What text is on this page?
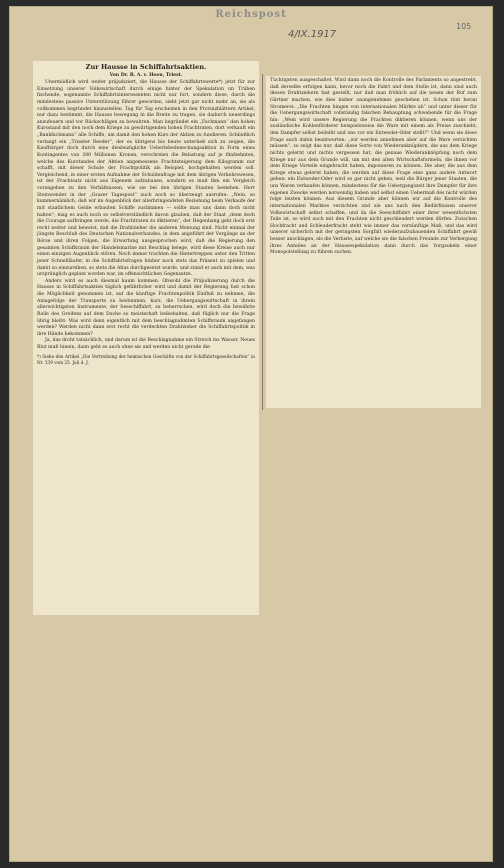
Reichspost
4/IX.1917
105
Zur Hausse in Schiffahrtsaktien.
Von Dr. R. A. v. Hoen, Triest.

Unermüdlich wird weiter präjudiziert, die Hausse der Schiffahrtswerte*) jetzt für zur Einsetzung unserer Volkswirtschaft durch einige hinter der Spekulation im Trüben fischende, sogenannte Schiffahrtsinteressenten nicht nur fort, sondern diese, durch die mindestens passive Unterstützung führer geworden, sieht jetzt gar nicht mehr an, sie als vollkommen begründet hinzustellen. Tag für Tag erscheinen in den Provinzblättern Artikel, nur dazu bestimmt, die Hausse bewegung in die Breite zu tragen, sie dadurch neuerdings anzufeuern und vor Rückschlägen zu bewahren. Man begründet ein „Fachmann“ den hohen Kursstand mit den noch dem Kriege zu gewärtigenden hohen Frachtraten, dort verkauft ein „Bankfachmann“ alle Schiffe, um damit den hohen Kurs der Aktien zu fundieren. Schließlich verlangt ein „Triester Reeder“, der es übrigens bis heute unterließ sich zu zeigen, die Kaufbürger doch durch eine diesbezügliche Ueberlebedeneckungsaktion in Form eines Kontingentes von 200 Millionen Kronen, verschreien die Belastung auf je fünfzehnten, welche des Kurstandes der Aktien angemessene Frachtsteigerung dem Kilogramm nur schafft, mit dieser Schule der Frachtpolitik als Beispiel, hochgehalten werden soll. Vergleichend, in einer ersten Aufnahme der Schuldenfrage mit dem übrigen Verkehrswesen, ist der Frachtsatz nicht aus Eigenem aufzubauen, sondern es muß ihm ein Vergleich vorangehen zu den Verhältnissen, wie sie bei den übrigen Staaten bestehen. Herr Steinwender in der „Grazer Tagespost“ auch noch so überzeugt ausrufen: „Nein, so kummernämlich, daß wir im Augenblick der allerbringendsten Beziehung beim Verkaufe der mit staatlichem Gelde erbauten Schiffe zustimmen — sollte man uns dann doch nicht halten“; mag es auch noch so selbstverständlich davon glauben, daß der Staat „denn doch die Courage aufbringen werde, die Frachtraten zu diktieren“, der Hegenhang geht doch erst recht weiter und beweist, daß die Drahtzieher die anderen Meinung sind. Nicht einmal der jüngste Beschluß des Deutschen Nationalverbandes, in dem angeführt der Vorgänge an der Börse und ihren Folgen, die Erwartung ausgesprochen wird, daß die Regierung den gesamten Schiffsraum der Handelsmarine mit Beschlag belege, wird diese Kreise auch nur einen einzigen Augenblick stören. Noch immer trachten die Hintertreppen unter den Tritten jener Schnellläufer, in die Schiffahrtsfragen hinher noch stets das Präsent zu spielen und damit so einzureihen, so stets die Atlas durchgesetzt wurde, und stand er auch mit dem, was ursprünglich geplant worden war, im offensichtlichen Gegensatze.

Anders wird es auch diesmal kaum kommen. Obwohl die Präjudizierung durch die Hausse in Schiffahrtsaktien täglich gefährlicher wird und damit der Regierung fast schon die Möglichkeit genommen ist, auf die künftige Frachtenpolitik Einfluß zu nehmen, die Anlagefolge der Transporte zu bestimmen, kurz, die Uebergangswirtschaft in ihrem allerwichtigsten Instrumente, der Seeschiffahrt, zu beherrschen, wird doch die bewährte Rolle des Greifens auf dem Dache so meisterhaft beibehalten, daß füglich nur die Frage übrig bleibt: Was wird denn eigentlich mit dem beschlagnahmten Schiffsraum angefangen werden? Werden nicht dann erst recht die verdeckten Drahtzieher die Schiffahrtspolitik in ihre Hände bekommen?

Ja, das droht tatsächlich, und darum ist die Beschlagnahme ein Streich ins Wasser. Neues Blut muß hinein, dann geht es auch ohne sie und werden nicht gerade die

*) Siehe den Artikel „Die Vertreibung der heimischen Geschäfte von der Schiffahrtsgesellschaften“ in Nr. 339 vom 25. Juli d. J.

Tüchtigsten ausgeschaltet. Wird dann noch die Kontrolle des Parlaments so angestrebt, daß derselbe erfolgen kann, bevor noch die Fahrt und dem Stolle ist, dann sind auch diesen Drahtziehern fast gestellt, nur daß man fröhlich auf die neuen der Ruf zum Gärtner machen, wie dies bisher unangenehmes geschehen ist. Schon tönt heran Stromerei: „Die Frachten hingen von internationalen Märkte ab“ und unter dieser für die Uebergangswirtschaft vollständig falschen Behauptung schwebende für die Frage hin: „Wem wird unsere Regierung die Frachten diktieren können, wenn uns der ausländische Kohlenförderer beispielsweise die Ware mit einem als Preise zuschiebt, den Dampfer selbst beileiht und uns vor ein Entweder-Oder stellt?“ Und wenn sie diese Frage auch dahin beantworten: „wir werden annehmen aber auf die Ware verzichten müssen“, so zeigt das nur, daß diese Sorte von Wiederanknüpfern, die aus dem Kriege nichts gelernt und nichts vergessen hat, die genaue Wiederanknüpfung noch dem Kriege nur aus dem Grunde will, um mit den alten Wirtschaftsformeln, die ihnen vor dem Kriege Vorteile eingebracht haben, imponieren zu können. Die aber, die aus dem Kriege etwas gelernt haben, die werden auf diese Frage eine ganz andere Antwort geben: ein Entweder-Oder wird es gar nicht geben, weil die Bürger jener Staaten, die uns Waren verkaufen können, mindestens für die Uebergangszeit ihre Dampfer für ihre eigenen Zwecke werden notwendig haben und selbst einen Uebermaß des nicht würden folge leisten können. Aus diesem Grunde aber können wir auf die Kontrolle des internationalen Marktes verzichten und sie uns nach den Bedürfnissen unserer Volkswirtschaft selbst schaffen, und da die Seeschiffahrt einer ihrer wesentlichsten Teile ist, so wird auch mit den Frachten nicht geschleudert werden dürfen. Zwischen Hochfracht und Schleuderfracht steht wie immer das vernünftige Maß, und das wird unserer sicherlich mit der geringsten Sorgfalt wiederaufzubauenden Schiffahrt gewiß besser anschlagen, als die Verluste, auf welche sie die falschen Freunde zur Verbergung ihres Anteiles an der Haussespekulation dann durch das Vorgaukeln einer Monopolstellung zu führen suchen.
